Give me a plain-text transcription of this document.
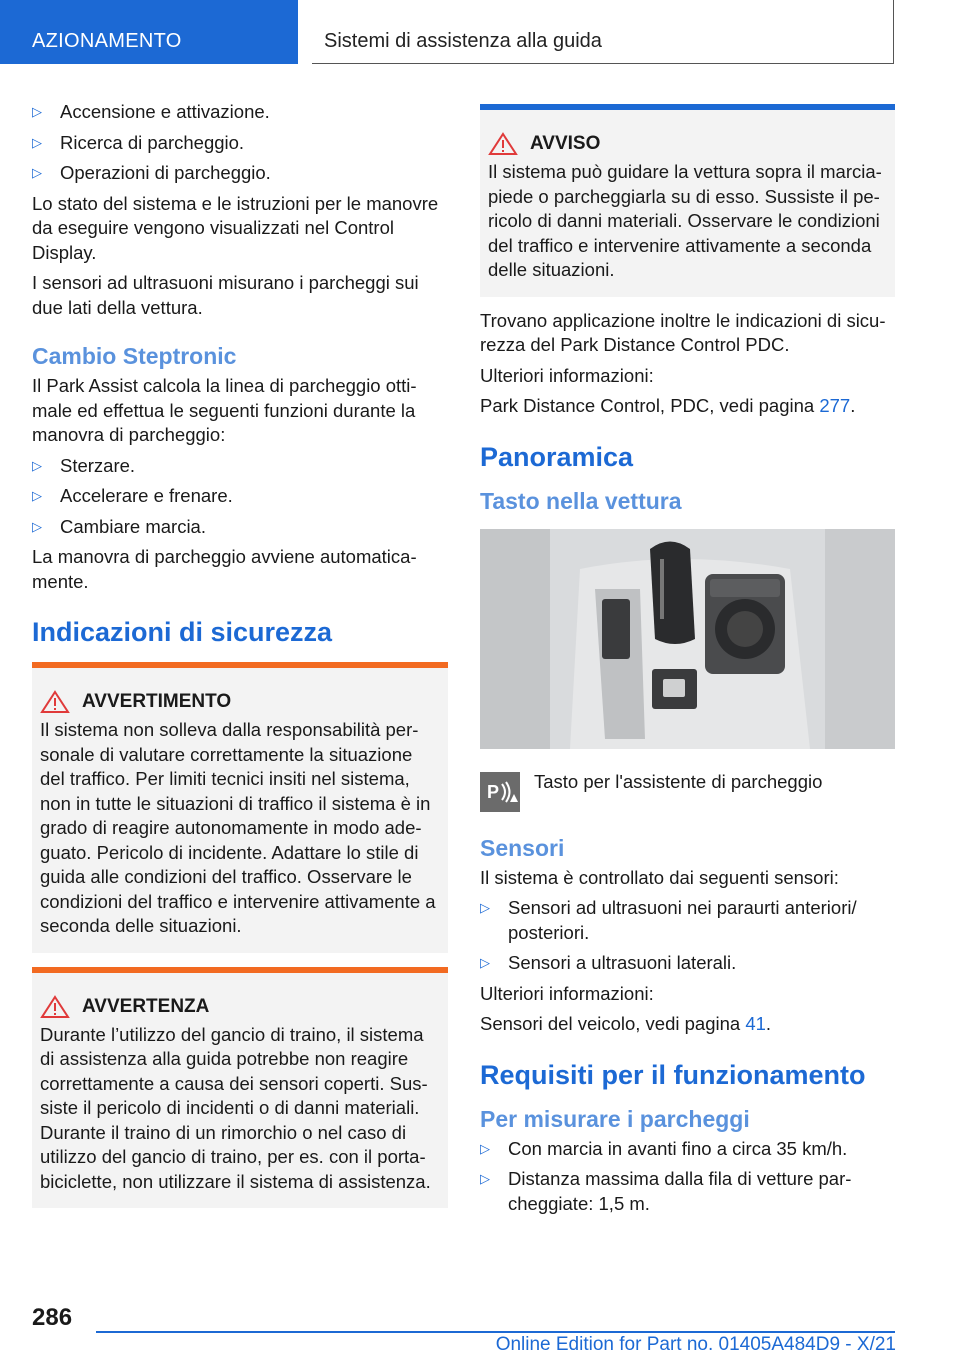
AZIONAMENTO	Sistemi di assistenza alla guida
▷ Accensione e attivazione.
▷ Ricerca di parcheggio.
▷ Operazioni di parcheggio.

Lo stato del sistema e le istruzioni per le manovre da eseguire vengono visualizzati nel Control Display.

I sensori ad ultrasuoni misurano i parcheggi sui due lati della vettura.

Cambio Steptronic

Il Park Assist calcola la linea di parcheggio ottimale ed effettua le seguenti funzioni durante la manovra di parcheggio:

▷ Sterzare.
▷ Accelerare e frenare.
▷ Cambiare marcia.

La manovra di parcheggio avviene automaticamente.

Indicazioni di sicurezza
AVVERTIMENTO

Il sistema non solleva dalla responsabilità personale di valutare correttamente la situazione del traffico. Per limiti tecnici insiti nel sistema, non in tutte le situazioni di traffico il sistema è in grado di reagire autonomamente in modo adeguato. Pericolo di incidente. Adattare lo stile di guida alle condizioni del traffico. Osservare le condizioni del traffico e intervenire attivamente a seconda delle situazioni.

AVVERTENZA

Durante l’utilizzo del gancio di traino, il sistema di assistenza alla guida potrebbe non reagire correttamente a causa dei sensori coperti. Sussiste il pericolo di incidenti o di danni materiali. Durante il traino di un rimorchio o nel caso di utilizzo del gancio di traino, per es. con il portabiciclette, non utilizzare il sistema di assistenza.

AVVISO

Il sistema può guidare la vettura sopra il marciapiede o parcheggiarla su di esso. Sussiste il pericolo di danni materiali. Osservare le condizioni del traffico e intervenire attivamente a seconda delle situazioni.

Trovano applicazione inoltre le indicazioni di sicurezza del Park Distance Control PDC.

Ulteriori informazioni:

Park Distance Control, PDC, vedi pagina 277.

Panoramica
Tasto nella vettura
P Tasto per l'assistente di parcheggio

Sensori

Il sistema è controllato dai seguenti sensori:

▷ Sensori ad ultrasuoni nei paraurti anteriori/ posteriori.
▷ Sensori a ultrasuoni laterali.

Ulteriori informazioni:

Sensori del veicolo, vedi pagina 41.

Requisiti per il funzionamento
Per misurare i parcheggi
▷ Con marcia in avanti fino a circa 35 km/h.
▷ Distanza massima dalla fila di vetture parcheggiate: 1,5 m.
286
Online Edition for Part no. 01405A484D9 - X/21
